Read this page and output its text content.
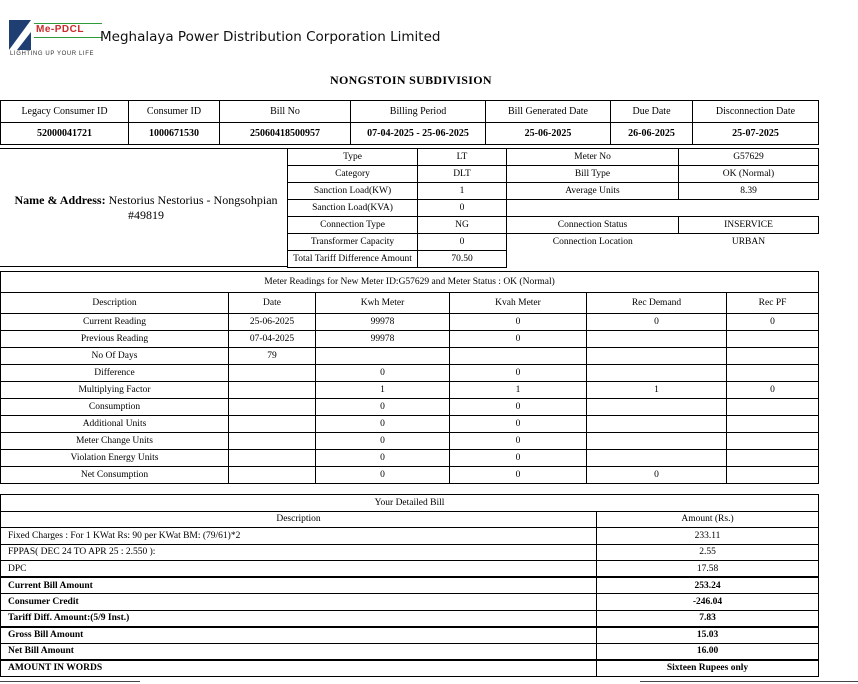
Me-PDCL
LIGHTING UP YOUR LIFE
Meghalaya Power Distribution Corporation Limited
NONGSTOIN SUBDIVISION
Legacy Consumer ID	Consumer ID	Bill No	Billing Period	Bill Generated Date	Due Date	Disconnection Date
52000041721	1000671530	25060418500957	07-04-2025 - 25-06-2025	25-06-2025	26-06-2025	25-07-2025
Name & Address: Nestorius Nestorius - Nongsohpian
#49819
Type	LT	Meter No	G57629
Category	DLT	Bill Type	OK (Normal)
Sanction Load(KW)	1	Average Units	8.39
Sanction Load(KVA)	0		
Connection Type	NG	Connection Status	INSERVICE
Transformer Capacity	0	Connection Location	URBAN
Total Tariff Difference Amount	70.50		
Meter Readings for New Meter ID:G57629 and Meter Status : OK (Normal)					
Description	Date	Kwh Meter	Kvah Meter	Rec Demand	Rec PF
Current Reading	25-06-2025	99978	0	0	0
Previous Reading	07-04-2025	99978	0		
No Of Days	79				
Difference		0	0		
Multiplying Factor		1	1	1	0
Consumption		0	0		
Additional Units		0	0		
Meter Change Units		0	0		
Violation Energy Units		0	0		
Net Consumption		0	0	0	
Your Detailed Bill	
Description	Amount (Rs.)
Fixed Charges : For 1 KWat Rs: 90 per KWat BM: (79/61)*2	233.11
FPPAS( DEC 24 TO APR 25 : 2.550 ):	2.55
DPC	17.58
Current Bill Amount	253.24
Consumer Credit	-246.04
Tariff Diff. Amount:(5/9 Inst.)	7.83
Gross Bill Amount	15.03
Net Bill Amount	16.00
AMOUNT IN WORDS	Sixteen Rupees only
